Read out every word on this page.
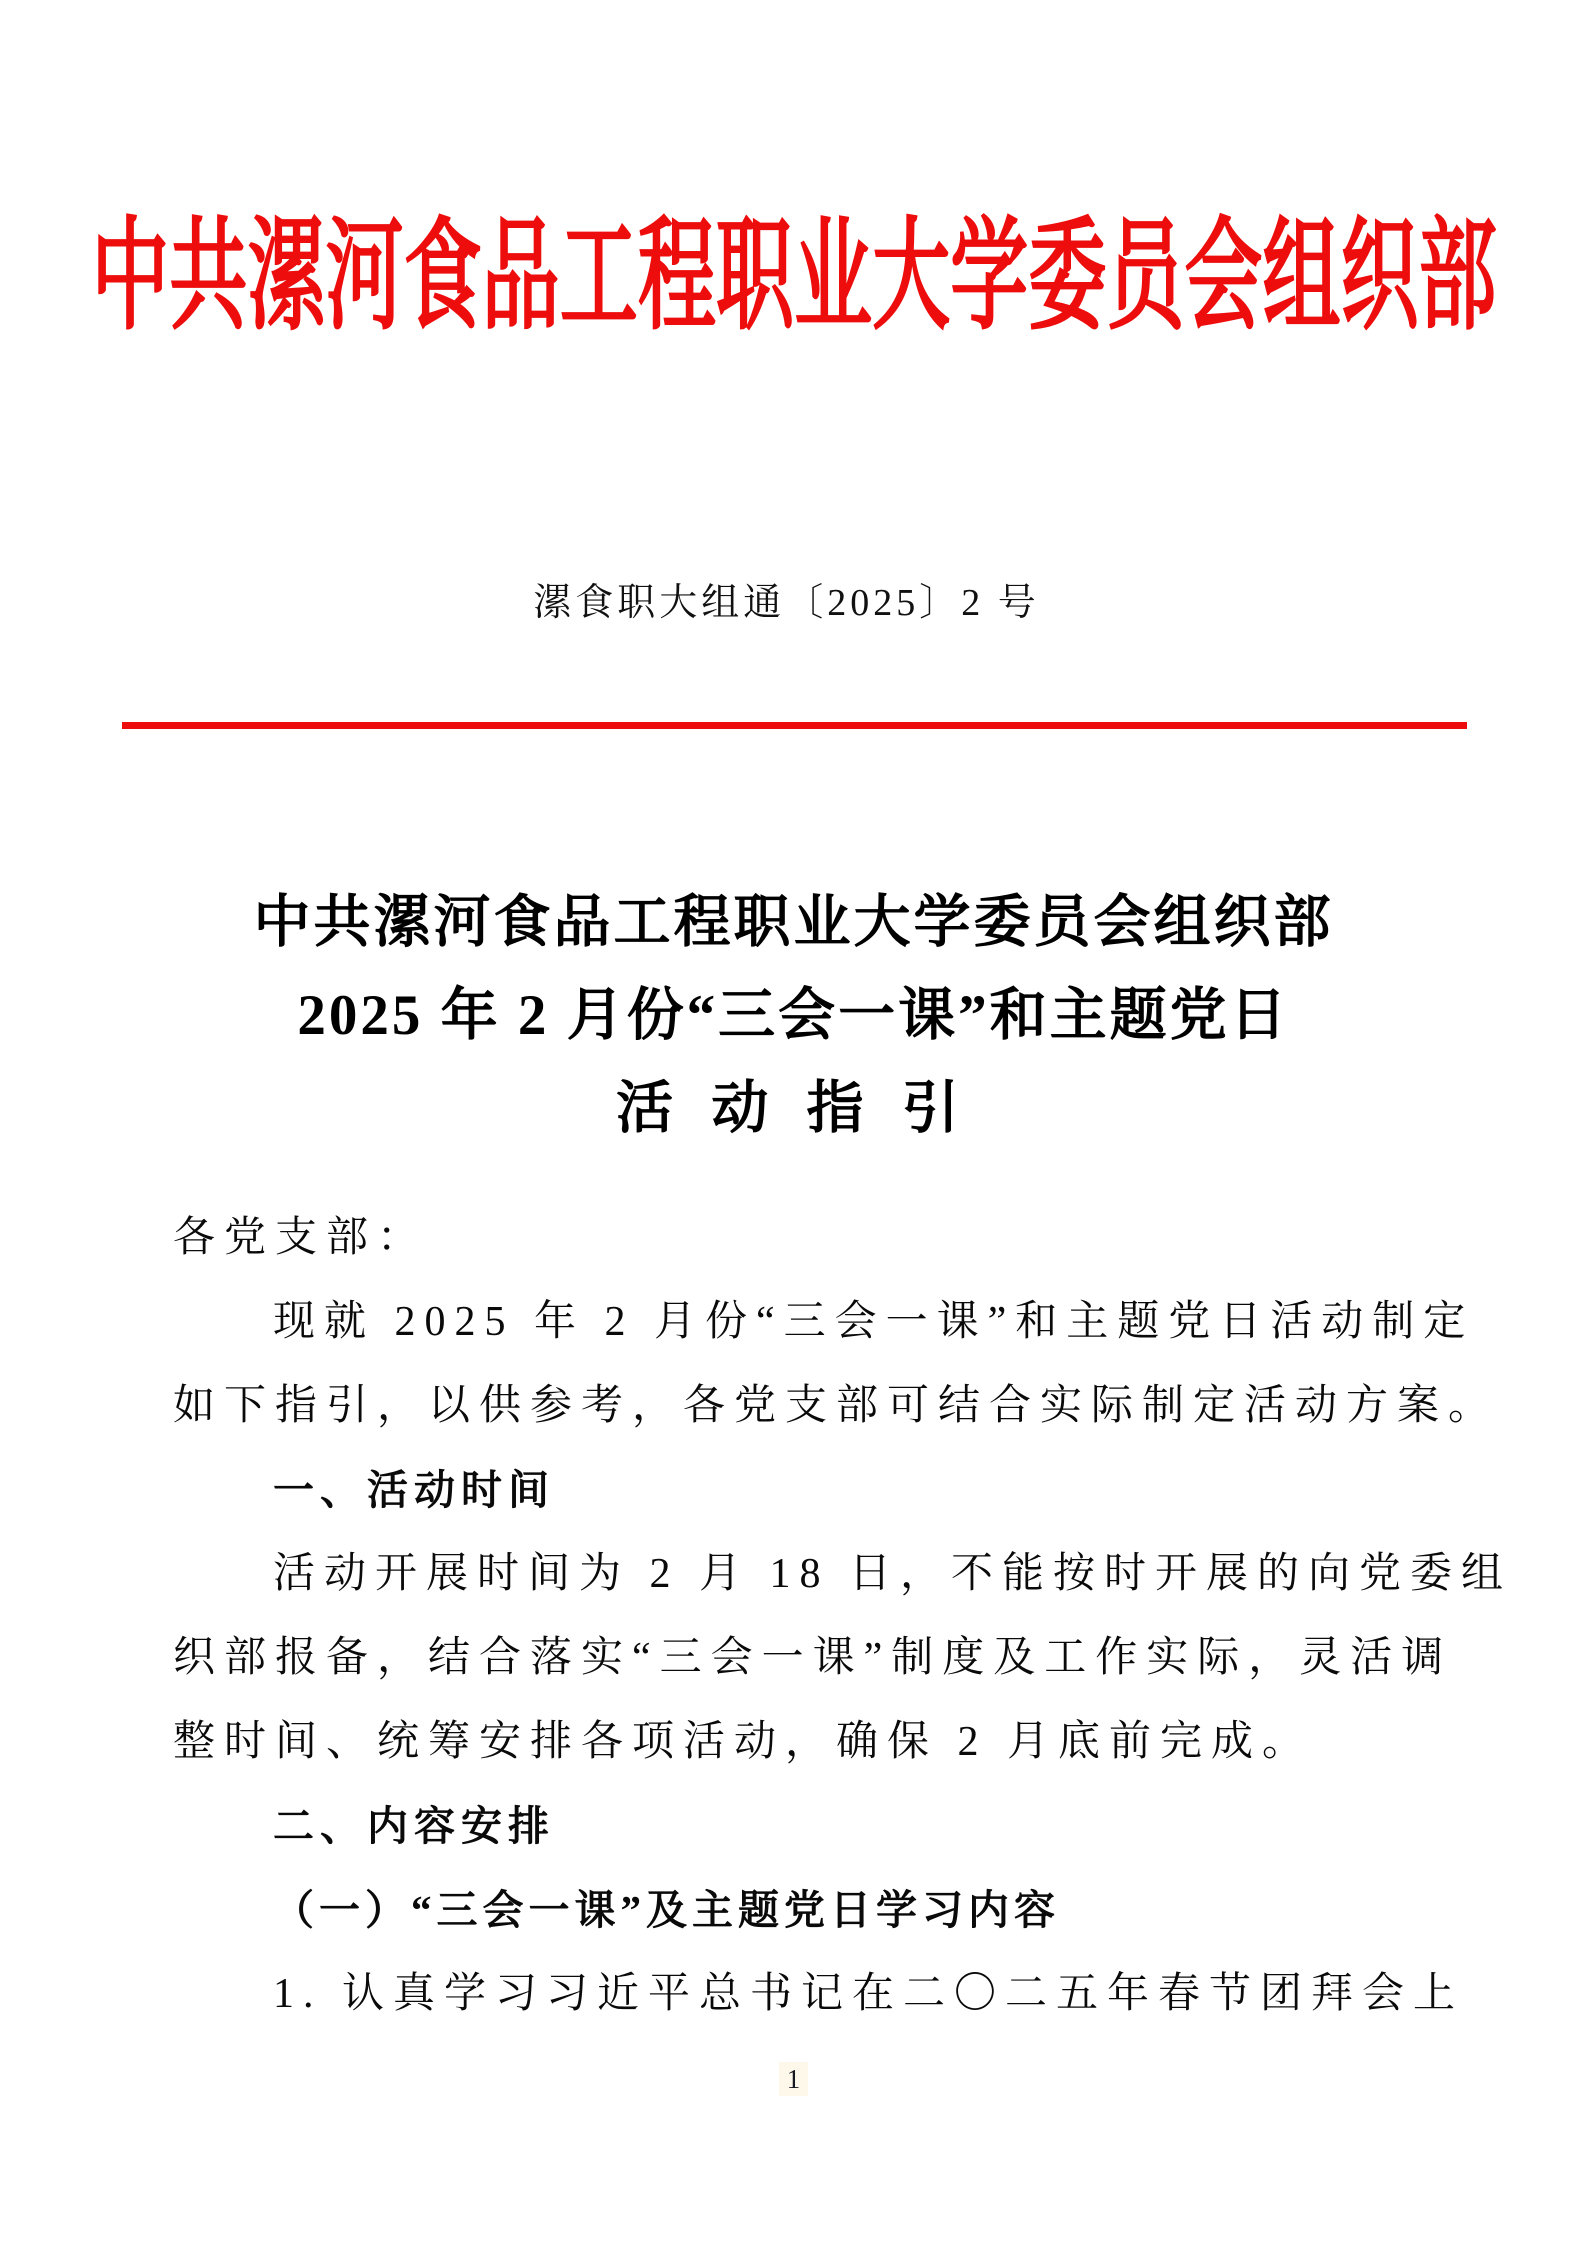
中共漯河食品工程职业大学委员会组织部
漯食职大组通〔2025〕2 号
中共漯河食品工程职业大学委员会组织部
2025 年 2 月份“三会一课”和主题党日
活 动 指 引
各党支部：
现就 2025 年 2 月份“三会一课”和主题党日活动制定
如下指引，以供参考，各党支部可结合实际制定活动方案。
一、活动时间
活动开展时间为 2 月 18 日，不能按时开展的向党委组
织部报备，结合落实“三会一课”制度及工作实际，灵活调
整时间、统筹安排各项活动，确保 2 月底前完成。
二、内容安排
（一）“三会一课”及主题党日学习内容
1. 认真学习习近平总书记在二〇二五年春节团拜会上
1
